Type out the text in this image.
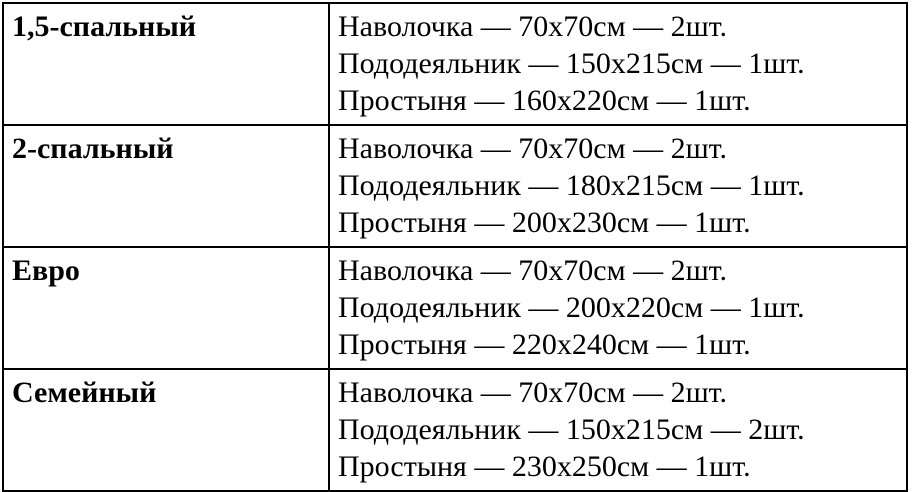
1,5-спальный	Наволочка — 70x70см — 2шт.
Пододеяльник — 150x215см — 1шт.
Простыня — 160x220см — 1шт.

2-спальный	Наволочка — 70x70см — 2шт.
Пододеяльник — 180x215см — 1шт.
Простыня — 200x230см — 1шт.

Евро	Наволочка — 70x70см — 2шт.
Пододеяльник — 200x220см — 1шт.
Простыня — 220x240см — 1шт.

Семейный	Наволочка — 70x70см — 2шт.
Пододеяльник — 150x215см — 2шт.
Простыня — 230x250см — 1шт.
